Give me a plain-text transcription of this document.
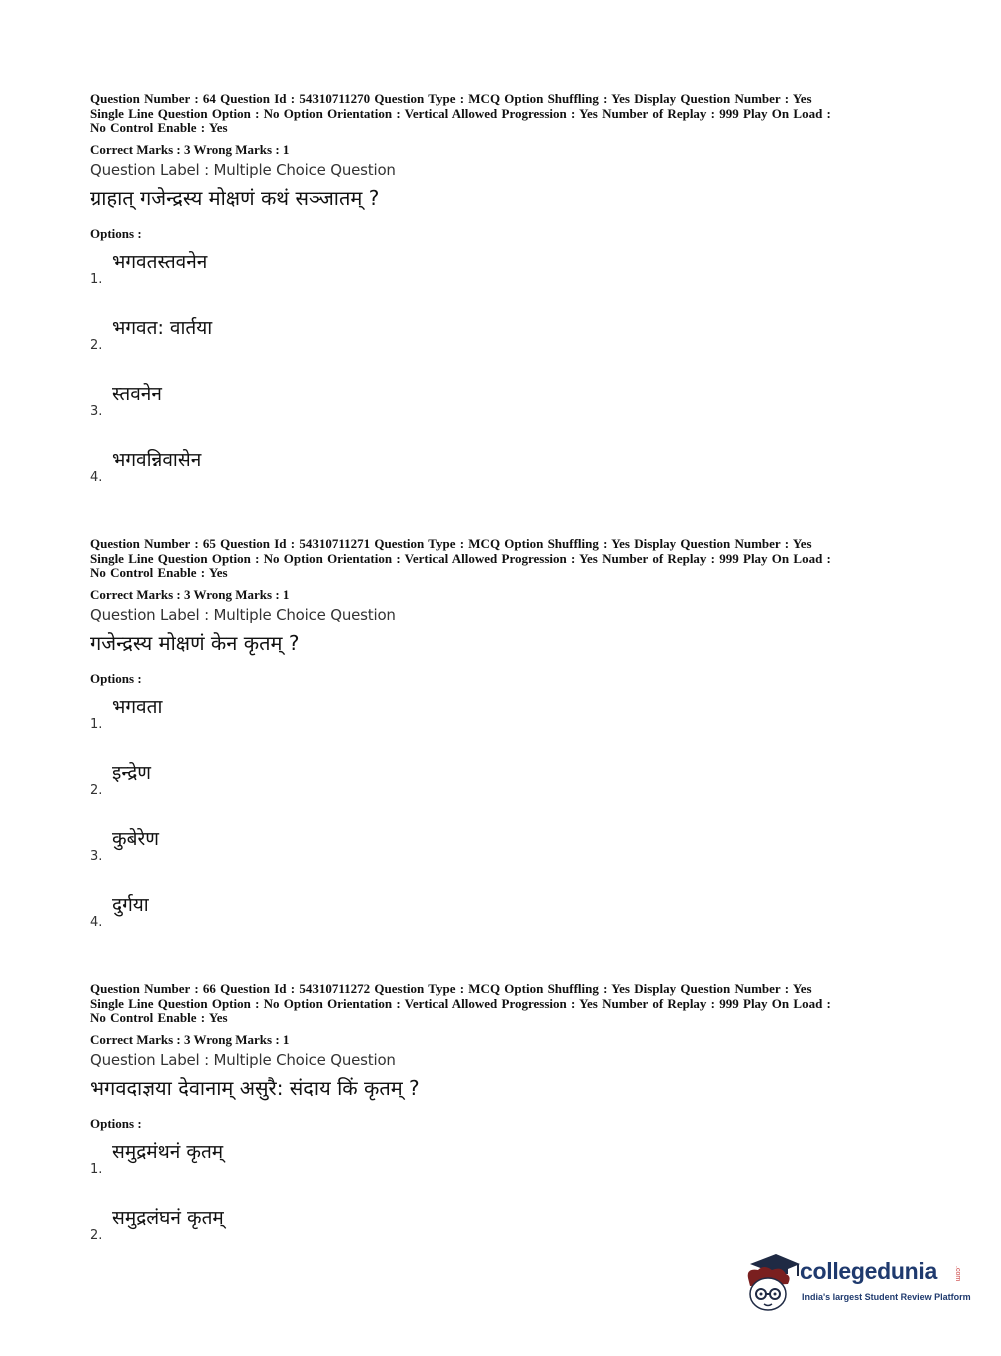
Question Number : 64 Question Id : 54310711270 Question Type : MCQ Option Shuffling : Yes Display Question Number : Yes
Single Line Question Option : No Option Orientation : Vertical Allowed Progression : Yes Number of Replay : 999 Play On Load :
No Control Enable : Yes
Correct Marks : 3 Wrong Marks : 1
Question Label : Multiple Choice Question
ग्राहात् गजेन्द्रस्य मोक्षणं कथं सञ्जातम् ?
Options :
1.
भगवतस्तवनेन
2.
भगवत: वार्तया
3.
स्तवनेन
4.
भगवन्निवासेन
Question Number : 65 Question Id : 54310711271 Question Type : MCQ Option Shuffling : Yes Display Question Number : Yes
Single Line Question Option : No Option Orientation : Vertical Allowed Progression : Yes Number of Replay : 999 Play On Load :
No Control Enable : Yes
Correct Marks : 3 Wrong Marks : 1
Question Label : Multiple Choice Question
गजेन्द्रस्य मोक्षणं केन कृतम् ?
Options :
1.
भगवता
2.
इन्द्रेण
3.
कुबेरेण
4.
दुर्गया
Question Number : 66 Question Id : 54310711272 Question Type : MCQ Option Shuffling : Yes Display Question Number : Yes
Single Line Question Option : No Option Orientation : Vertical Allowed Progression : Yes Number of Replay : 999 Play On Load :
No Control Enable : Yes
Correct Marks : 3 Wrong Marks : 1
Question Label : Multiple Choice Question
भगवदाज्ञया देवानाम् असुरै: संदाय किं कृतम् ?
Options :
1.
समुद्रमंथनं कृतम्
2.
समुद्रलंघनं कृतम्
collegedunia .com
India's largest Student Review Platform
